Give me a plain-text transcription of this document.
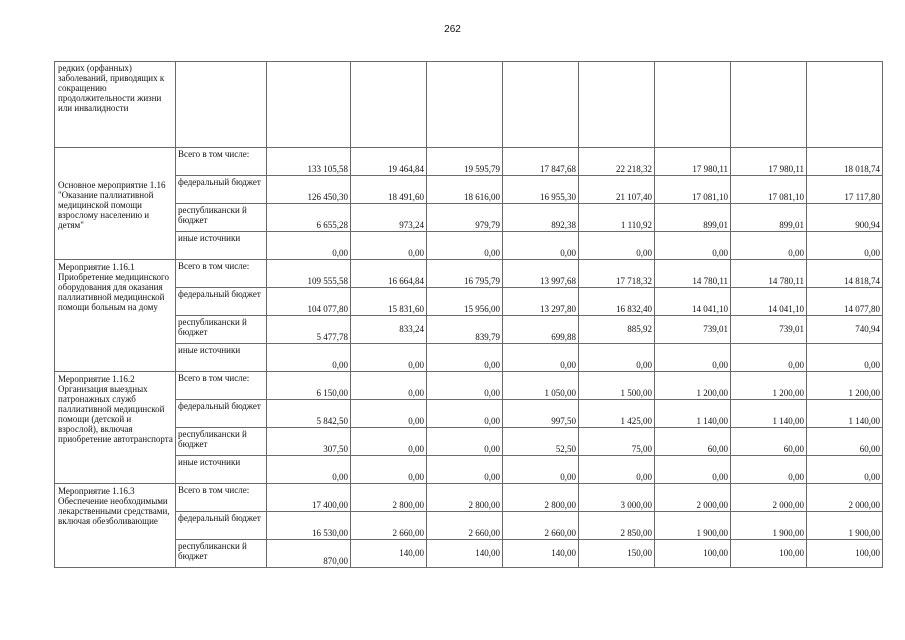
262
редких (орфанных) заболеваний, приводящих к сокращению продолжительности жизни или инвалидности									
Основное мероприятие 1.16 "Оказание паллиативной медицинской помощи взрослому населению и детям"	Всего в том числе:	133 105,58	19 464,84	19 595,79	17 847,68	22 218,32	17 980,11	17 980,11	18 018,74
	федеральный бюджет	126 450,30	18 491,60	18 616,00	16 955,30	21 107,40	17 081,10	17 081,10	17 117,80
	республикански й бюджет	6 655,28	973,24	979,79	892,38	1 110,92	899,01	899,01	900,94
	иные источники	0,00	0,00	0,00	0,00	0,00	0,00	0,00	0,00
Мероприятие 1.16.1 Приобретение медицинского оборудования для оказания паллиативной медицинской помощи больным на дому	Всего в том числе:	109 555,58	16 664,84	16 795,79	13 997,68	17 718,32	14 780,11	14 780,11	14 818,74
	федеральный бюджет	104 077,80	15 831,60	15 956,00	13 297,80	16 832,40	14 041,10	14 041,10	14 077,80
	республикански й бюджет	5 477,78	833,24	839,79	699,88	885,92	739,01	739,01	740,94
	иные источники	0,00	0,00	0,00	0,00	0,00	0,00	0,00	0,00
Мероприятие 1.16.2 Организация выездных патронажных служб паллиативной медицинской помощи (детской и взрослой), включая приобретение автотранспорта	Всего в том числе:	6 150,00	0,00	0,00	1 050,00	1 500,00	1 200,00	1 200,00	1 200,00
	федеральный бюджет	5 842,50	0,00	0,00	997,50	1 425,00	1 140,00	1 140,00	1 140,00
	республикански й бюджет	307,50	0,00	0,00	52,50	75,00	60,00	60,00	60,00
	иные источники	0,00	0,00	0,00	0,00	0,00	0,00	0,00	0,00
Мероприятие 1.16.3 Обеспечение необходимыми лекарственными средствами, включая обезболивающие	Всего в том числе:	17 400,00	2 800,00	2 800,00	2 800,00	3 000,00	2 000,00	2 000,00	2 000,00
	федеральный бюджет	16 530,00	2 660,00	2 660,00	2 660,00	2 850,00	1 900,00	1 900,00	1 900,00
	республикански й бюджет	870,00	140,00	140,00	140,00	150,00	100,00	100,00	100,00
